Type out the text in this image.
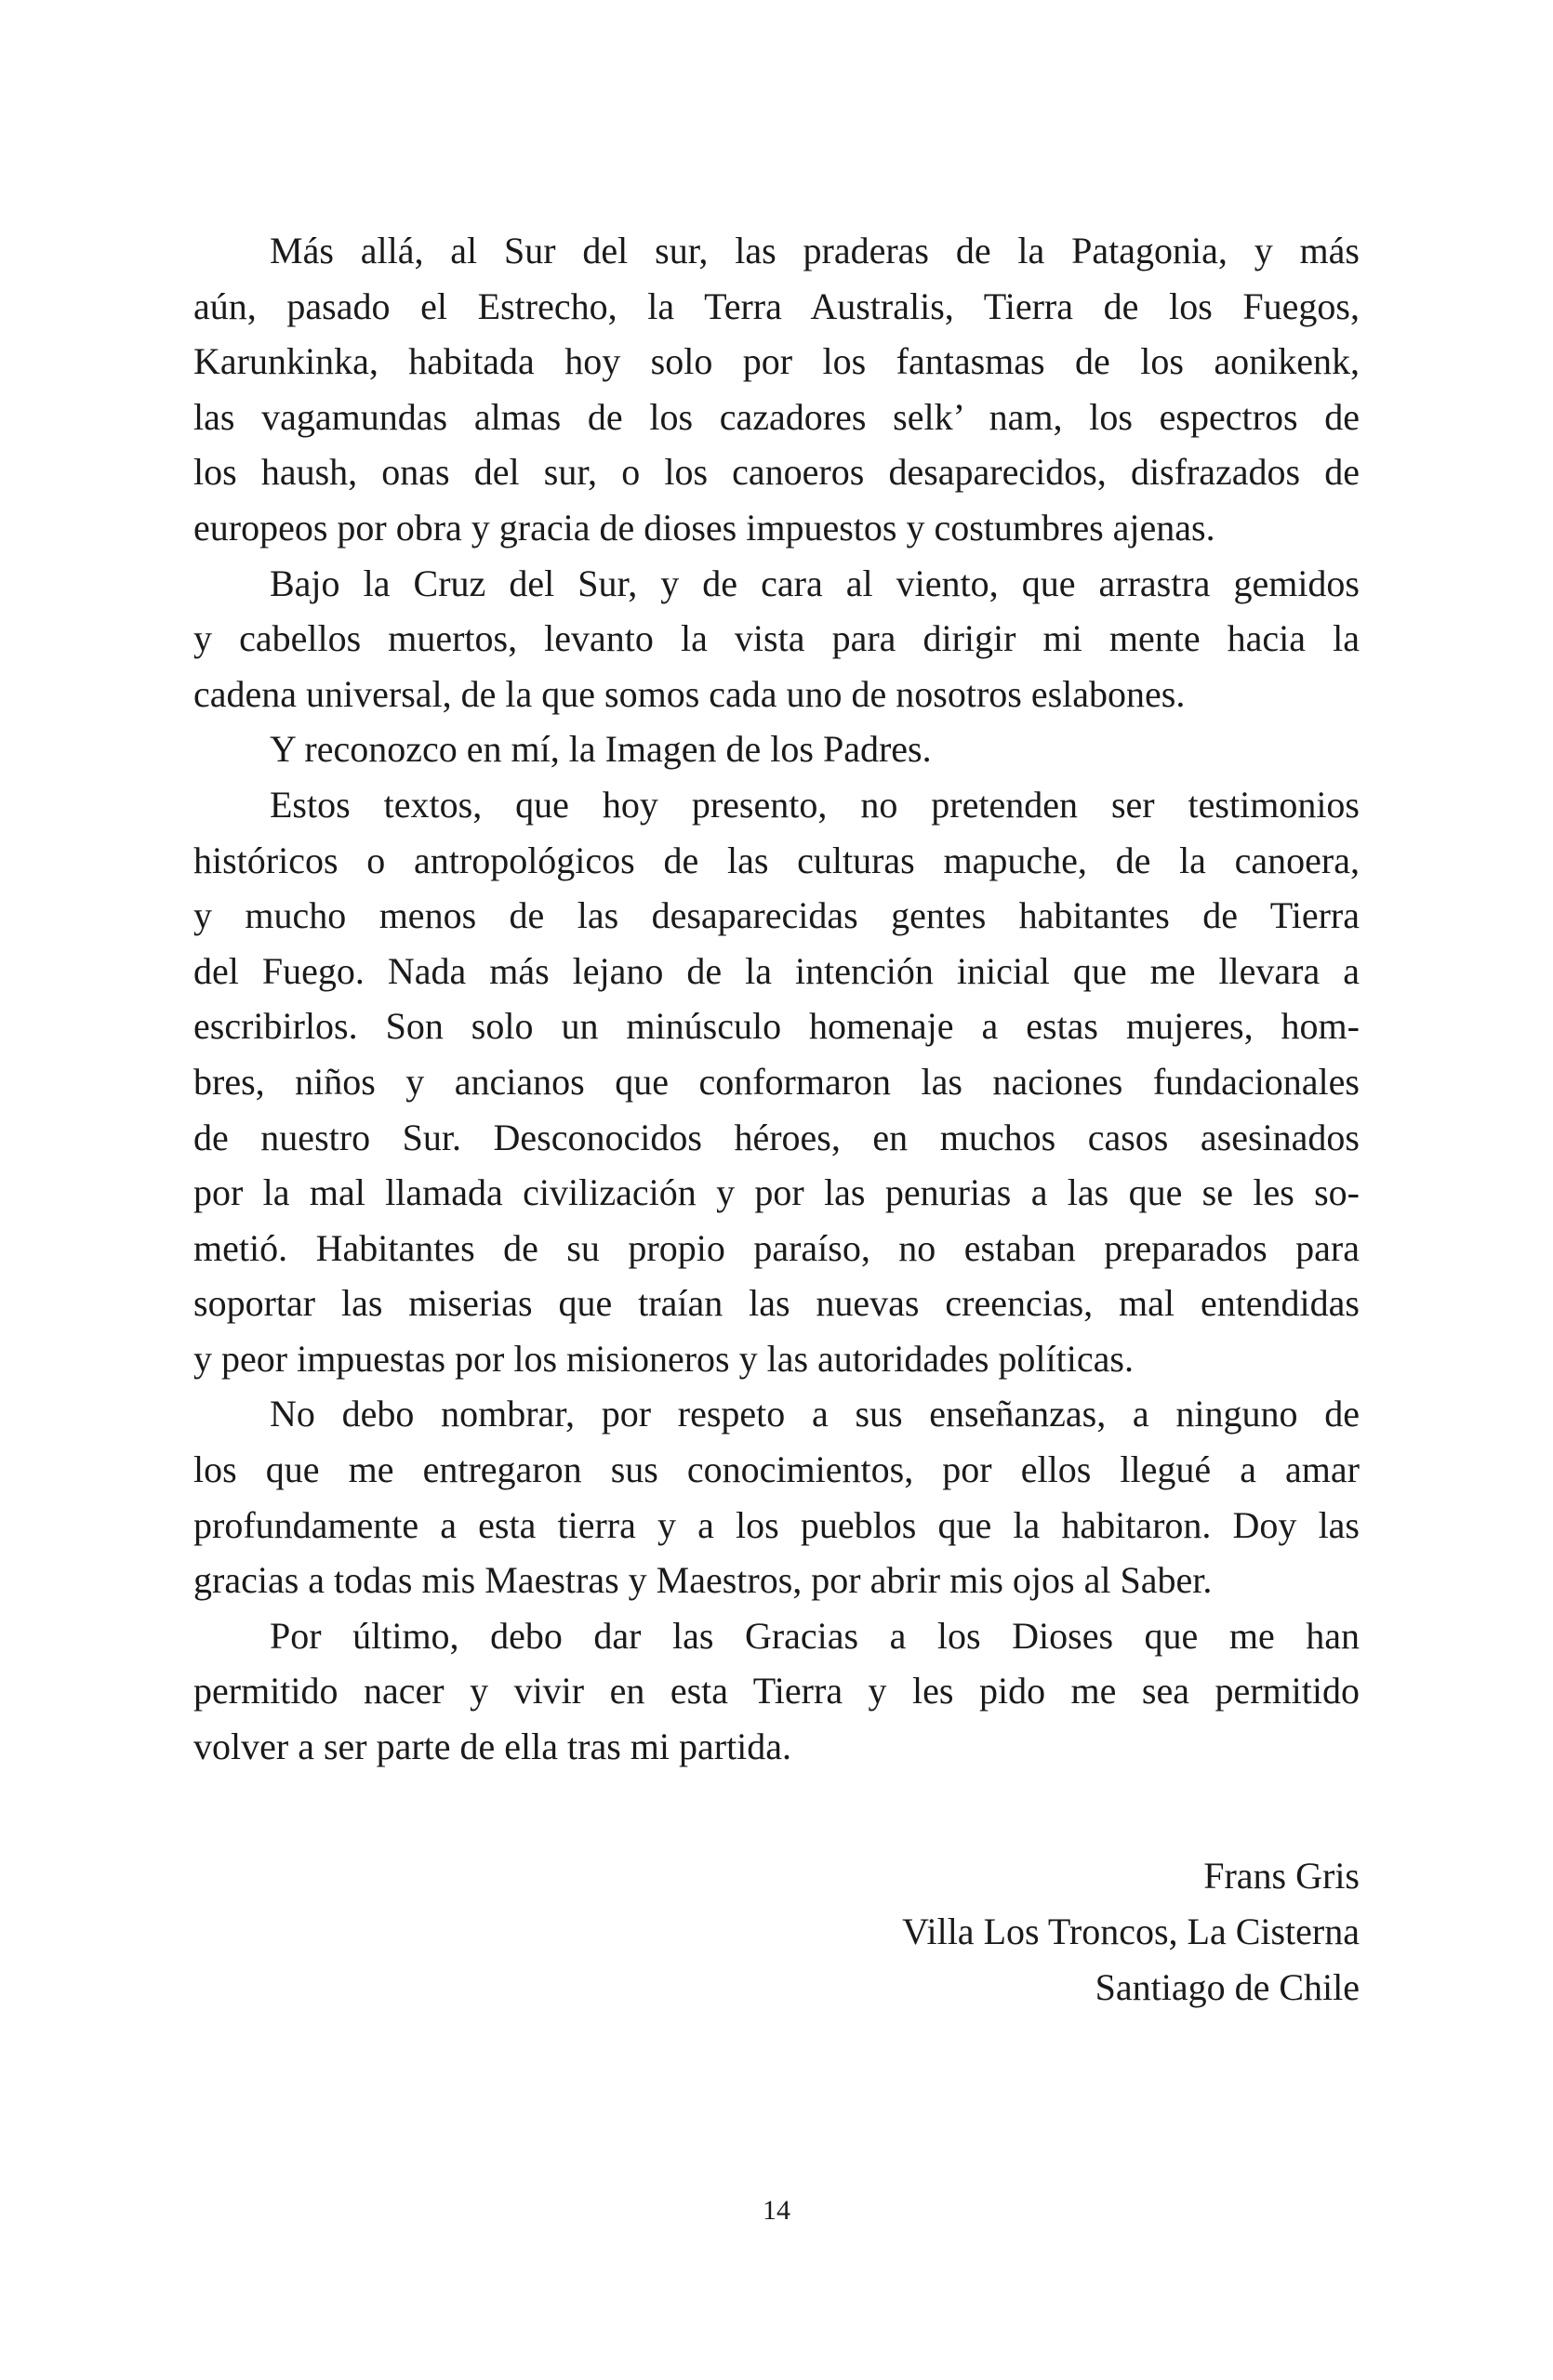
Más allá, al Sur del sur, las praderas de la Patagonia, y más
aún, pasado el Estrecho, la Terra Australis, Tierra de los Fuegos,
Karunkinka, habitada hoy solo por los fantasmas de los aonikenk,
las vagamundas almas de los cazadores selk’ nam, los espectros de
los haush, onas del sur, o los canoeros desaparecidos, disfrazados de
europeos por obra y gracia de dioses impuestos y costumbres ajenas.
Bajo la Cruz del Sur, y de cara al viento, que arrastra gemidos
y cabellos muertos, levanto la vista para dirigir mi mente hacia la
cadena universal, de la que somos cada uno de nosotros eslabones.
Y reconozco en mí, la Imagen de los Padres.
Estos textos, que hoy presento, no pretenden ser testimonios
históricos o antropológicos de las culturas mapuche, de la canoera,
y mucho menos de las desaparecidas gentes habitantes de Tierra
del Fuego. Nada más lejano de la intención inicial que me llevara a
escribirlos. Son solo un minúsculo homenaje a estas mujeres, hom-
bres, niños y ancianos que conformaron las naciones fundacionales
de nuestro Sur. Desconocidos héroes, en muchos casos asesinados
por la mal llamada civilización y por las penurias a las que se les so-
metió. Habitantes de su propio paraíso, no estaban preparados para
soportar las miserias que traían las nuevas creencias, mal entendidas
y peor impuestas por los misioneros y las autoridades políticas.
No debo nombrar, por respeto a sus enseñanzas, a ninguno de
los que me entregaron sus conocimientos, por ellos llegué a amar
profundamente a esta tierra y a los pueblos que la habitaron. Doy las
gracias a todas mis Maestras y Maestros, por abrir mis ojos al Saber.
Por último, debo dar las Gracias a los Dioses que me han
permitido nacer y vivir en esta Tierra y les pido me sea permitido
volver a ser parte de ella tras mi partida.
Frans Gris
Villa Los Troncos, La Cisterna
Santiago de Chile
14
